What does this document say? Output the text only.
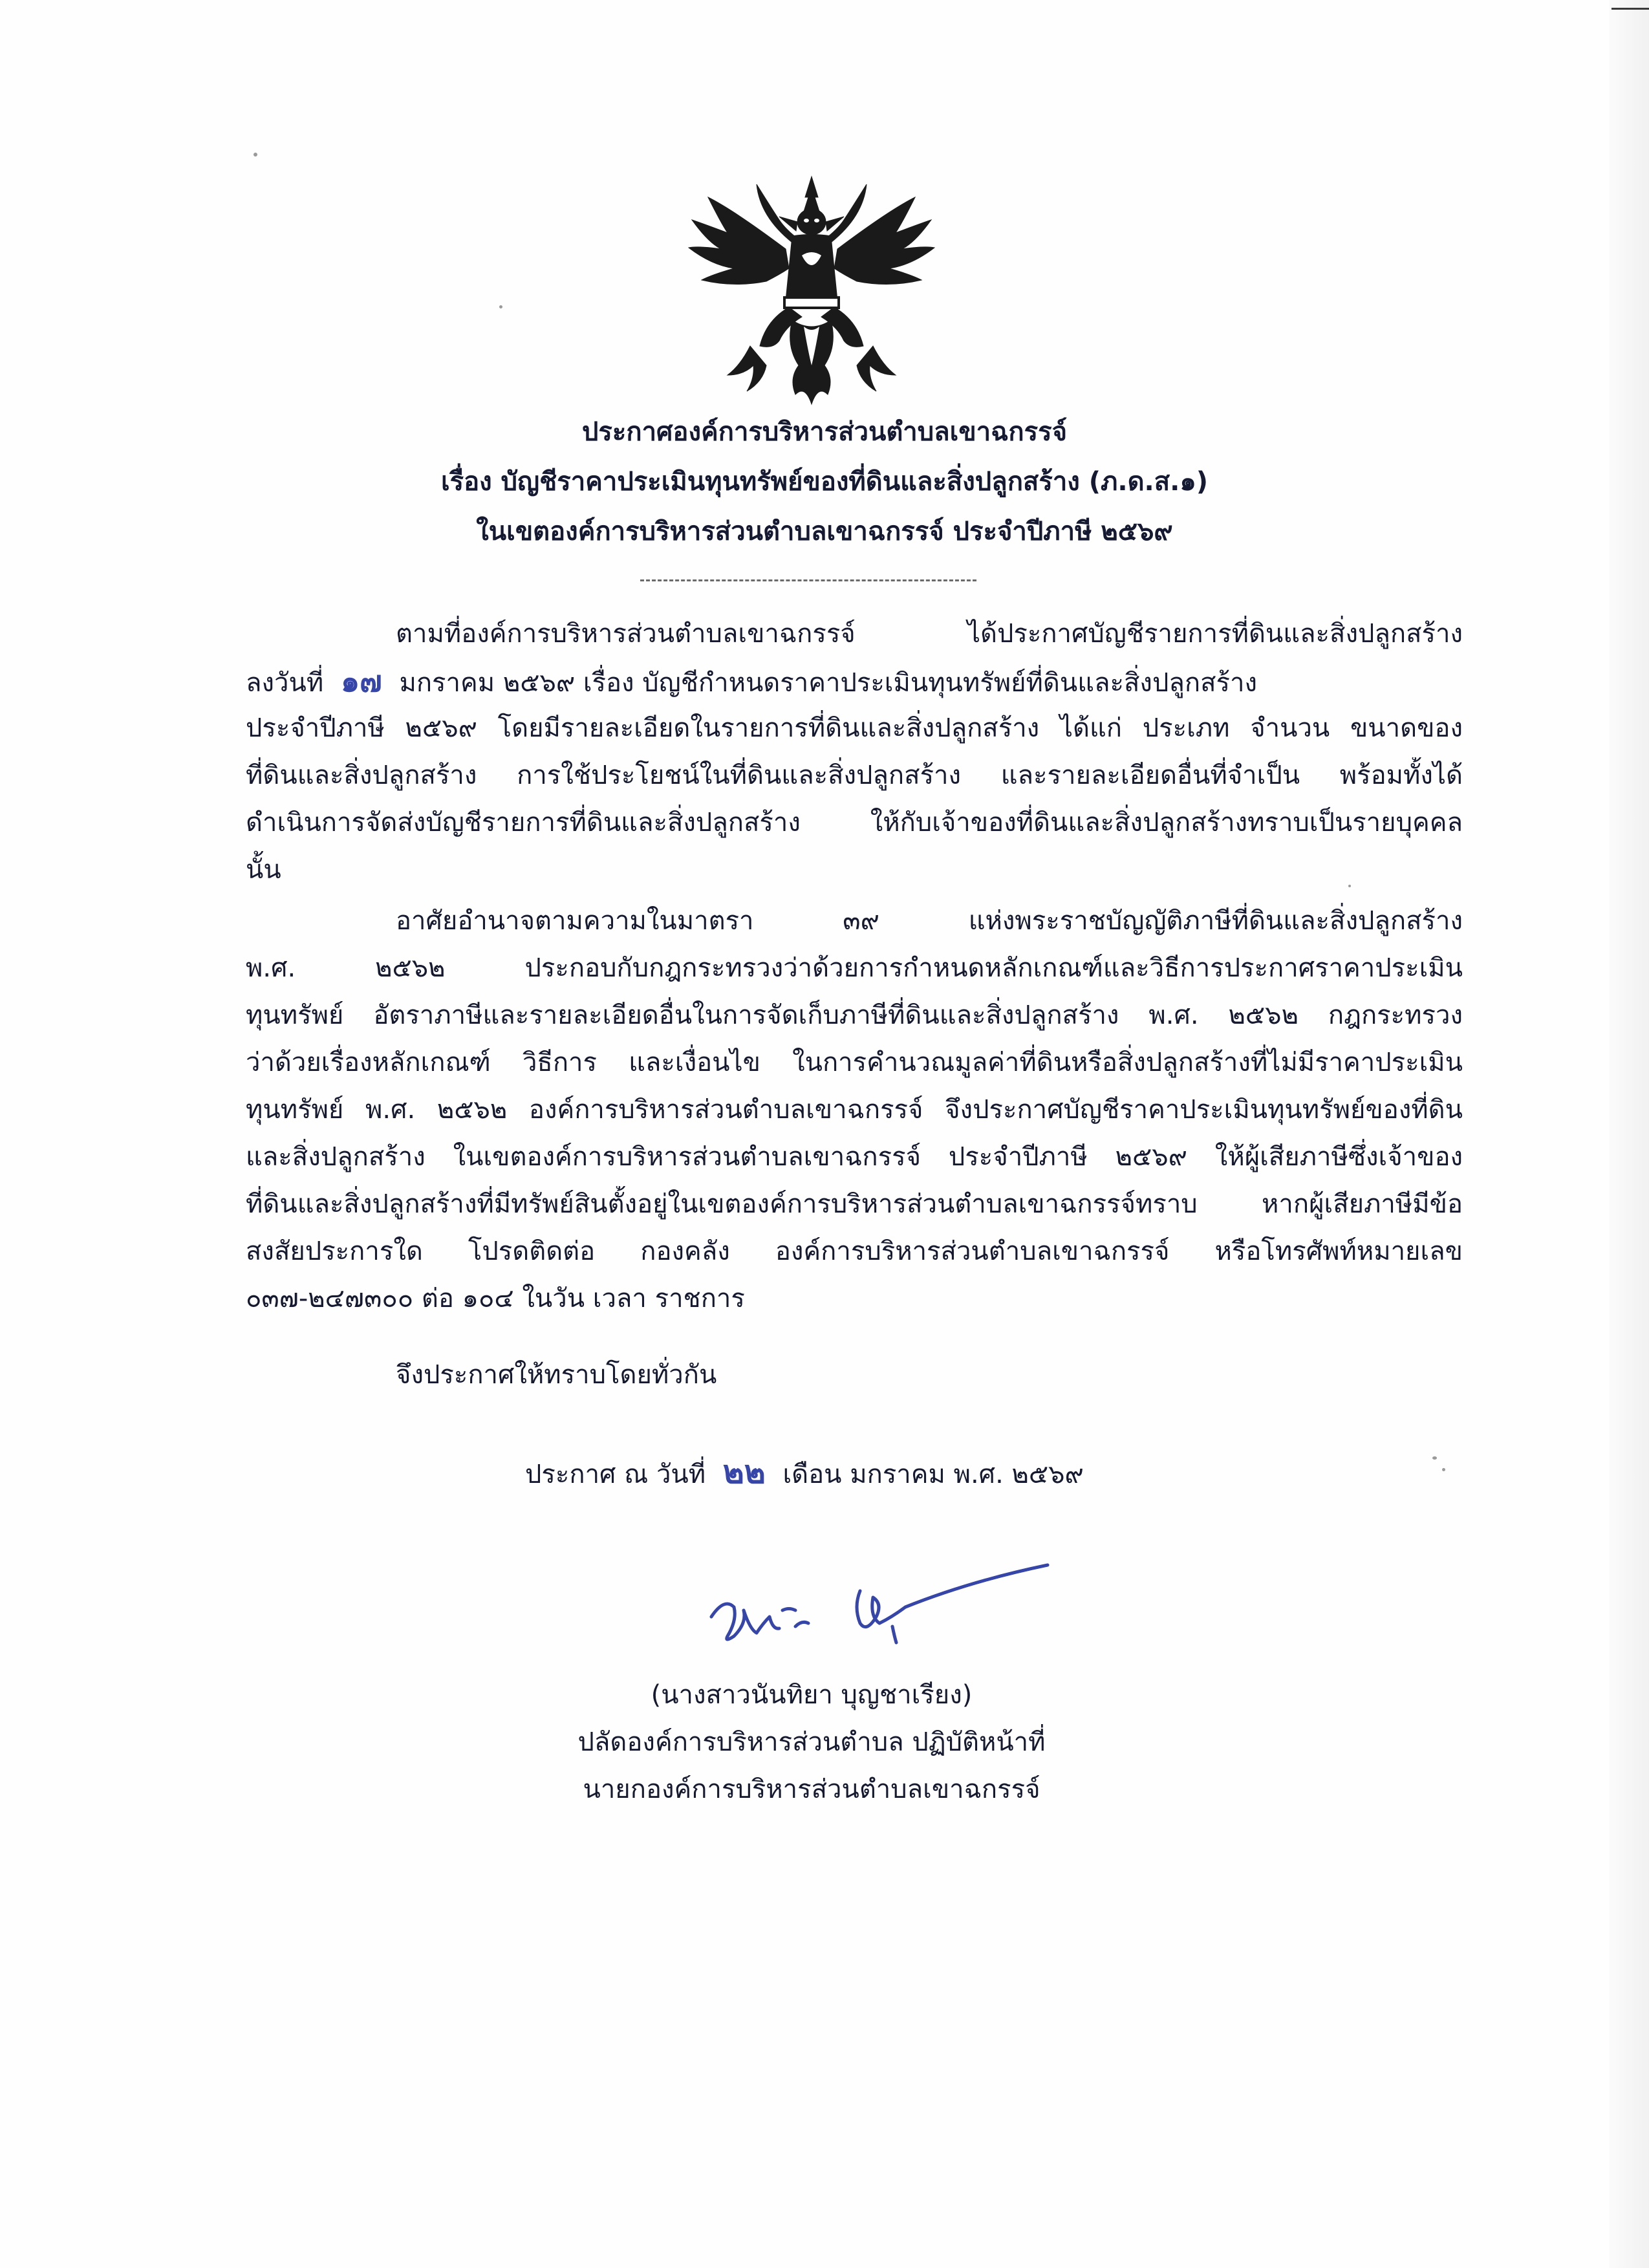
ประกาศองค์การบริหารส่วนตำบลเขาฉกรรจ์
เรื่อง บัญชีราคาประเมินทุนทรัพย์ของที่ดินและสิ่งปลูกสร้าง (ภ.ด.ส.๑)
ในเขตองค์การบริหารส่วนตำบลเขาฉกรรจ์ ประจำปีภาษี ๒๕๖๙
ตามที่องค์การบริหารส่วนตำบลเขาฉกรรจ์ ได้ประกาศบัญชีรายการที่ดินและสิ่งปลูกสร้าง
ลงวันที่ ๑๗ มกราคม ๒๕๖๙ เรื่อง บัญชีกำหนดราคาประเมินทุนทรัพย์ที่ดินและสิ่งปลูกสร้าง
ประจำปีภาษี ๒๕๖๙ โดยมีรายละเอียดในรายการที่ดินและสิ่งปลูกสร้าง ได้แก่ ประเภท จำนวน ขนาดของ
ที่ดินและสิ่งปลูกสร้าง การใช้ประโยชน์ในที่ดินและสิ่งปลูกสร้าง และรายละเอียดอื่นที่จำเป็น พร้อมทั้งได้
ดำเนินการจัดส่งบัญชีรายการที่ดินและสิ่งปลูกสร้าง ให้กับเจ้าของที่ดินและสิ่งปลูกสร้างทราบเป็นรายบุคคล
นั้น
อาศัยอำนาจตามความในมาตรา ๓๙ แห่งพระราชบัญญัติภาษีที่ดินและสิ่งปลูกสร้าง
พ.ศ. ๒๕๖๒ ประกอบกับกฎกระทรวงว่าด้วยการกำหนดหลักเกณฑ์และวิธีการประกาศราคาประเมิน
ทุนทรัพย์ อัตราภาษีและรายละเอียดอื่นในการจัดเก็บภาษีที่ดินและสิ่งปลูกสร้าง พ.ศ. ๒๕๖๒ กฎกระทรวง
ว่าด้วยเรื่องหลักเกณฑ์ วิธีการ และเงื่อนไข ในการคำนวณมูลค่าที่ดินหรือสิ่งปลูกสร้างที่ไม่มีราคาประเมิน
ทุนทรัพย์ พ.ศ. ๒๕๖๒ องค์การบริหารส่วนตำบลเขาฉกรรจ์ จึงประกาศบัญชีราคาประเมินทุนทรัพย์ของที่ดิน
และสิ่งปลูกสร้าง ในเขตองค์การบริหารส่วนตำบลเขาฉกรรจ์ ประจำปีภาษี ๒๕๖๙ ให้ผู้เสียภาษีซึ่งเจ้าของ
ที่ดินและสิ่งปลูกสร้างที่มีทรัพย์สินตั้งอยู่ในเขตองค์การบริหารส่วนตำบลเขาฉกรรจ์ทราบ หากผู้เสียภาษีมีข้อ
สงสัยประการใด โปรดติดต่อ กองคลัง องค์การบริหารส่วนตำบลเขาฉกรรจ์ หรือโทรศัพท์หมายเลข
๐๓๗-๒๔๗๓๐๐ ต่อ ๑๐๔ ในวัน เวลา ราชการ
จึงประกาศให้ทราบโดยทั่วกัน
ประกาศ ณ วันที่ ๒๒ เดือน มกราคม พ.ศ. ๒๕๖๙
(นางสาวนันทิยา บุญชาเรียง)
ปลัดองค์การบริหารส่วนตำบล ปฏิบัติหน้าที่
นายกองค์การบริหารส่วนตำบลเขาฉกรรจ์
